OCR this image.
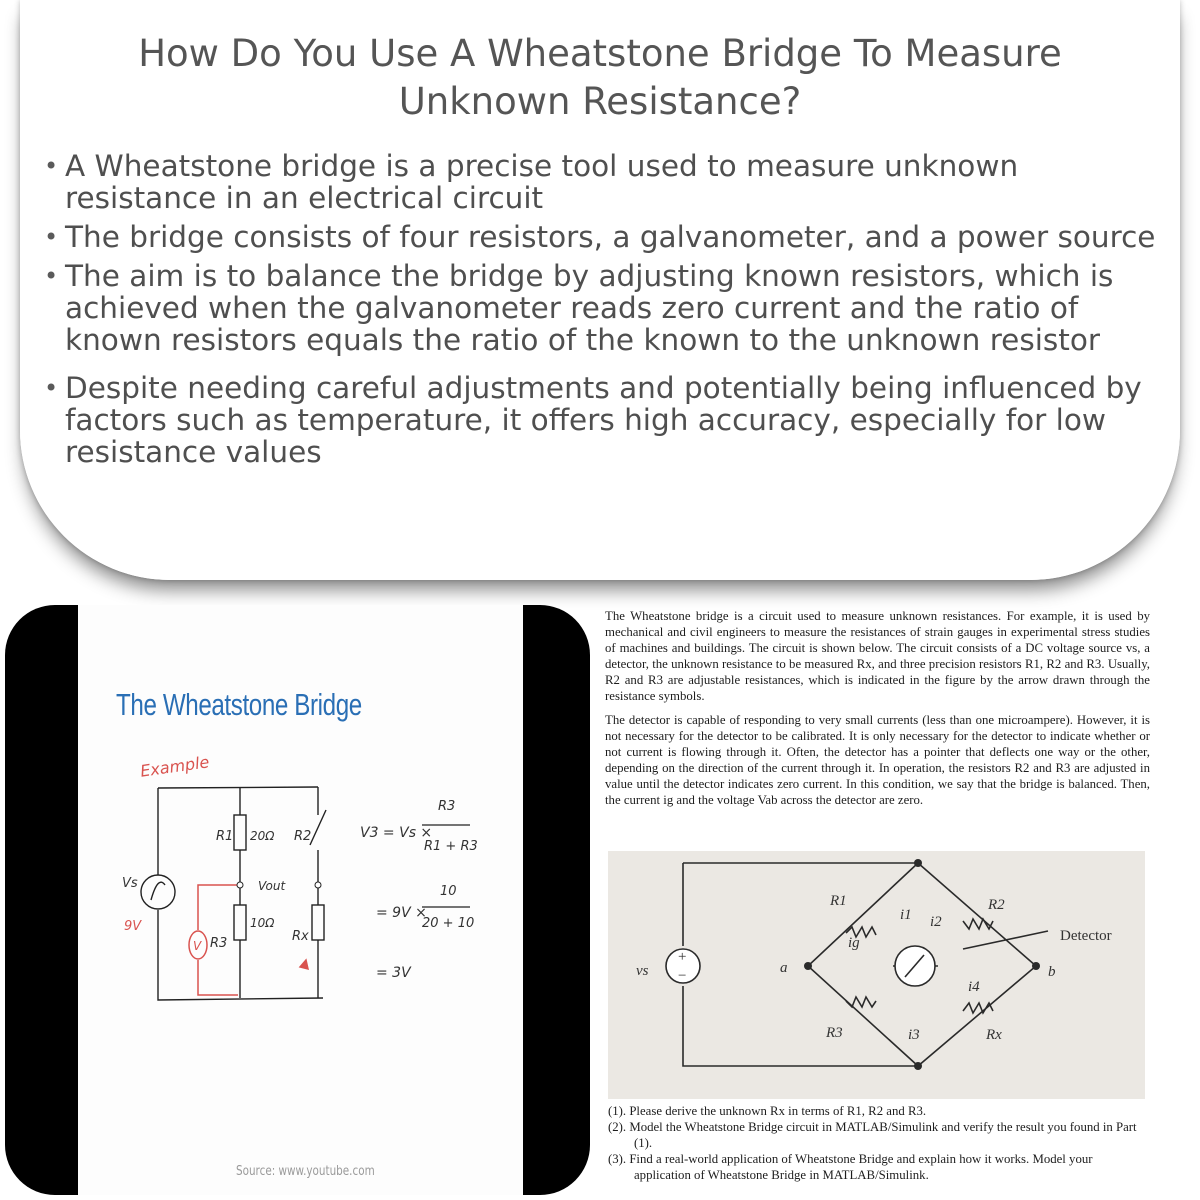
How Do You Use A Wheatstone Bridge To Measure
Unknown Resistance?
• A Wheatstone bridge is a precise tool used to measure unknown resistance in an electrical circuit
• The bridge consists of four resistors, a galvanometer, and a power source
• The aim is to balance the bridge by adjusting known resistors, which is achieved when the galvanometer reads zero current and the ratio of known resistors equals the ratio of the known to the unknown resistor
• Despite needing careful adjustments and potentially being influenced by factors such as temperature, it offers high accuracy, especially for low resistance values
The Wheatstone Bridge
Example
Vs
9V
R1 20Ω R2
R3
10Ω
Rx
Vout
V
V3 = Vs ×
R3
R1 + R3
= 9V ×
10
20 + 10
= 3V
Source: www.youtube.com

The Wheatstone bridge is a circuit used to measure unknown resistances. For example, it is used by mechanical and civil engineers to measure the resistances of strain gauges in experimental stress studies of machines and buildings. The circuit is shown below. The circuit consists of a DC voltage source vs, a detector, the unknown resistance to be measured Rx, and three precision resistors R1, R2 and R3. Usually, R2 and R3 are adjustable resistances, which is indicated in the figure by the arrow drawn through the resistance symbols.

The detector is capable of responding to very small currents (less than one microampere). However, it is not necessary for the detector to be calibrated. It is only necessary for the detector to indicate whether or not current is flowing through it. Often, the detector has a pointer that deflects one way or the other, depending on the direction of the current through it. In operation, the resistors R2 and R3 are adjusted in value until the detector indicates zero current. In this condition, we say that the bridge is balanced. Then, the current ig and the voltage Vab across the detector are zero.

R1	R2
R3	Rx
i1 i2
i3
i4
ig
vs	a	b
Detector
+
−
(1). Please derive the unknown Rx in terms of R1, R2 and R3.
(2). Model the Wheatstone Bridge circuit in MATLAB/Simulink and verify the result you found in Part (1).
(3). Find a real-world application of Wheatstone Bridge and explain how it works. Model your application of Wheatstone Bridge in MATLAB/Simulink.
